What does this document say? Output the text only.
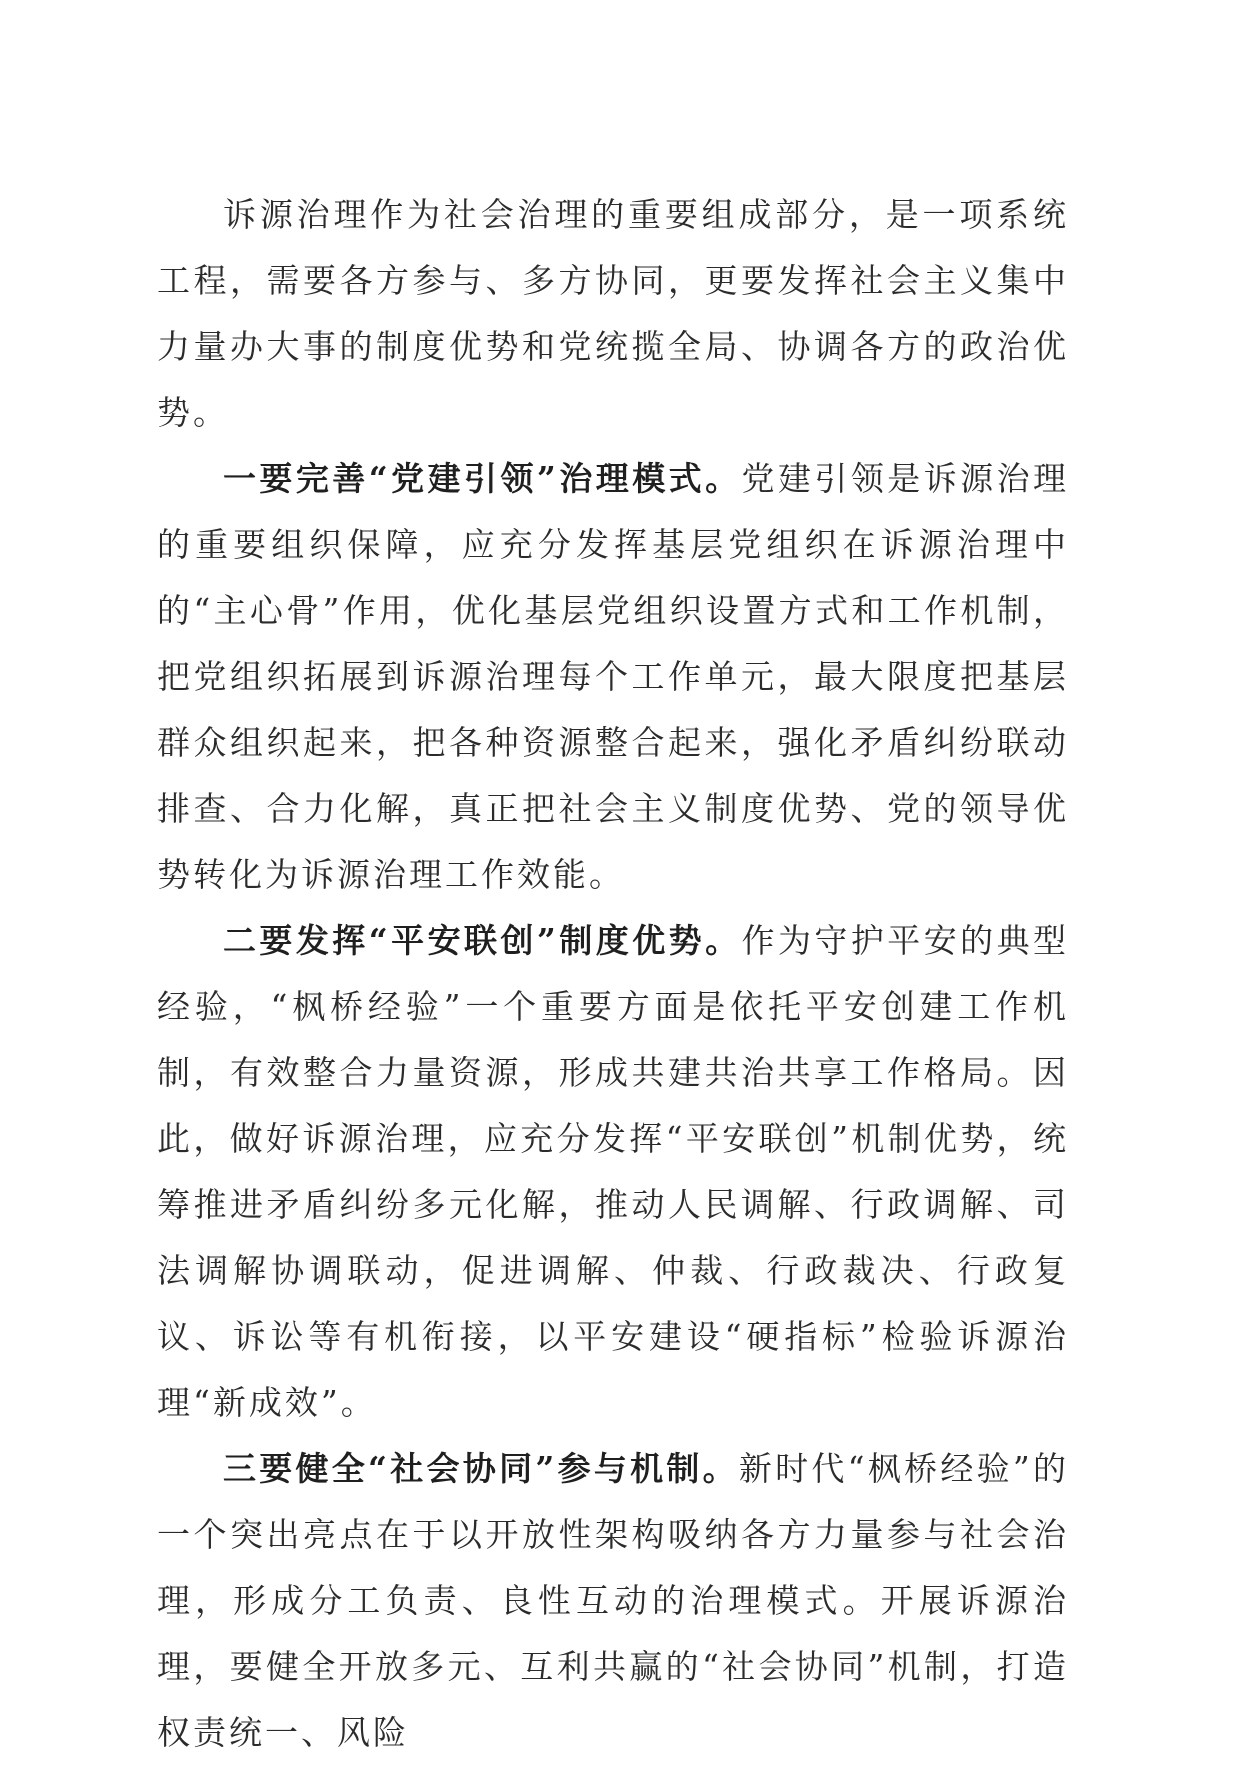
诉源治理作为社会治理的重要组成部分，是一项系统工程，需要各方参与、多方协同，更要发挥社会主义集中力量办大事的制度优势和党统揽全局、协调各方的政治优势。

一要完善“党建引领”治理模式。党建引领是诉源治理的重要组织保障，应充分发挥基层党组织在诉源治理中的“主心骨”作用，优化基层党组织设置方式和工作机制，把党组织拓展到诉源治理每个工作单元，最大限度把基层群众组织起来，把各种资源整合起来，强化矛盾纠纷联动排查、合力化解，真正把社会主义制度优势、党的领导优势转化为诉源治理工作效能。

二要发挥“平安联创”制度优势。作为守护平安的典型经验，“枫桥经验”一个重要方面是依托平安创建工作机制，有效整合力量资源，形成共建共治共享工作格局。因此，做好诉源治理，应充分发挥“平安联创”机制优势，统筹推进矛盾纠纷多元化解，推动人民调解、行政调解、司法调解协调联动，促进调解、仲裁、行政裁决、行政复议、诉讼等有机衔接，以平安建设“硬指标”检验诉源治理“新成效”。

三要健全“社会协同”参与机制。新时代“枫桥经验”的一个突出亮点在于以开放性架构吸纳各方力量参与社会治理，形成分工负责、良性互动的治理模式。开展诉源治理，要健全开放多元、互利共赢的“社会协同”机制，打造权责统一、风险
